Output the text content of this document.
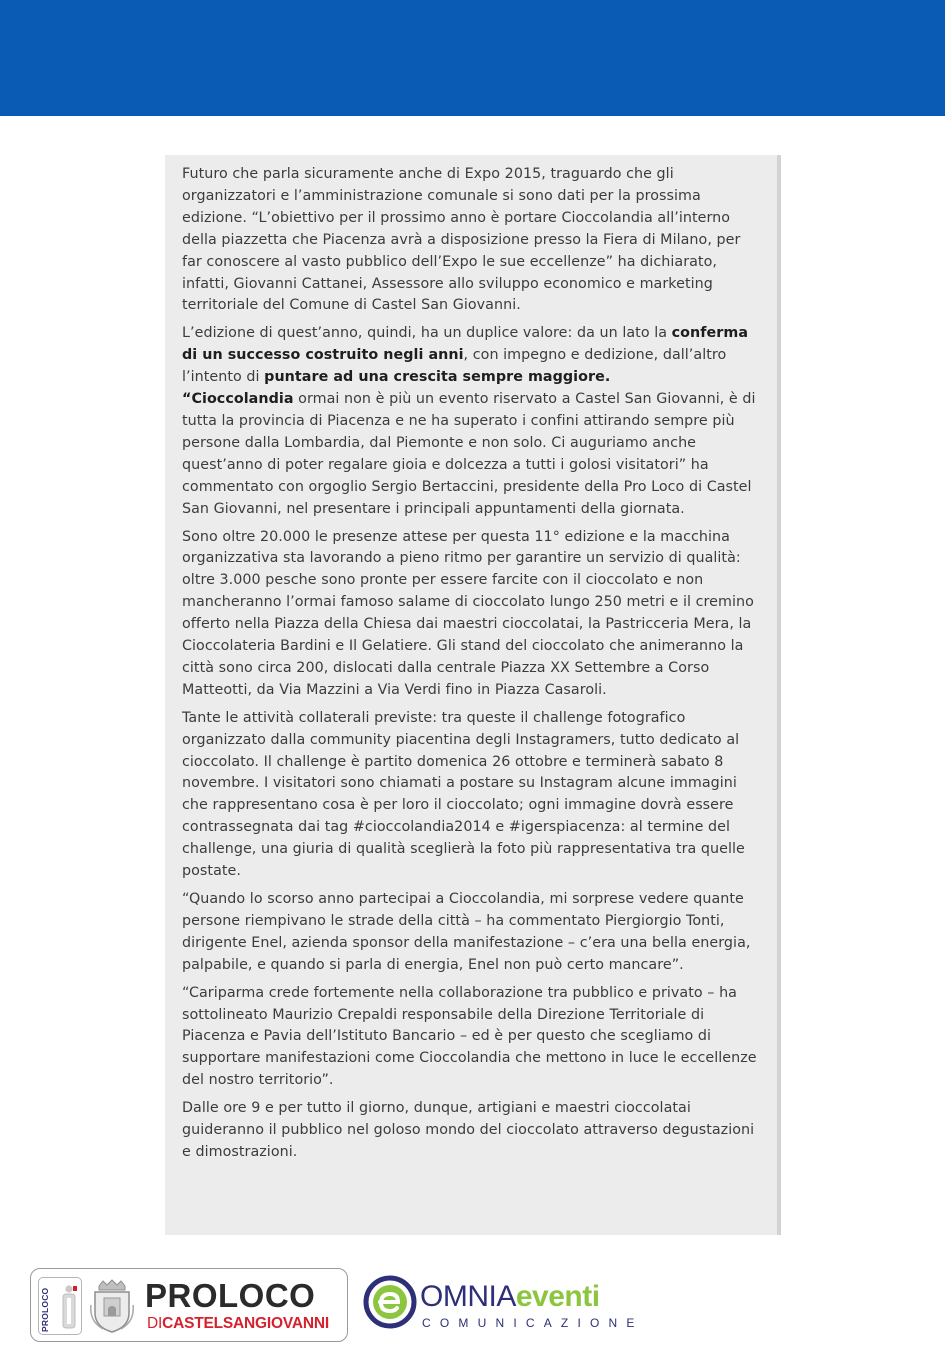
Futuro che parla sicuramente anche di Expo 2015, traguardo che gli organizzatori e l’amministrazione comunale si sono dati per la prossima edizione. “L’obiettivo per il prossimo anno è portare Cioccolandia all’interno della piazzetta che Piacenza avrà a disposizione presso la Fiera di Milano, per far conoscere al vasto pubblico dell’Expo le sue eccellenze” ha dichiarato, infatti, Giovanni Cattanei, Assessore allo sviluppo economico e marketing territoriale del Comune di Castel San Giovanni.

L’edizione di quest’anno, quindi, ha un duplice valore: da un lato la conferma di un successo costruito negli anni, con impegno e dedizione, dall’altro l’intento di puntare ad una crescita sempre maggiore.
“Cioccolandia ormai non è più un evento riservato a Castel San Giovanni, è di tutta la provincia di Piacenza e ne ha superato i confini attirando sempre più persone dalla Lombardia, dal Piemonte e non solo. Ci auguriamo anche quest’anno di poter regalare gioia e dolcezza a tutti i golosi visitatori” ha commentato con orgoglio Sergio Bertaccini, presidente della Pro Loco di Castel San Giovanni, nel presentare i principali appuntamenti della giornata.

Sono oltre 20.000 le presenze attese per questa 11° edizione e la macchina organizzativa sta lavorando a pieno ritmo per garantire un servizio di qualità: oltre 3.000 pesche sono pronte per essere farcite con il cioccolato e non mancheranno l’ormai famoso salame di cioccolato lungo 250 metri e il cremino offerto nella Piazza della Chiesa dai maestri cioccolatai, la Pastricceria Mera, la Cioccolateria Bardini e Il Gelatiere. Gli stand del cioccolato che animeranno la città sono circa 200, dislocati dalla centrale Piazza XX Settembre a Corso Matteotti, da Via Mazzini a Via Verdi fino in Piazza Casaroli.

Tante le attività collaterali previste: tra queste il challenge fotografico organizzato dalla community piacentina degli Instagramers, tutto dedicato al cioccolato. Il challenge è partito domenica 26 ottobre e terminerà sabato 8 novembre. I visitatori sono chiamati a postare su Instagram alcune immagini che rappresentano cosa è per loro il cioccolato; ogni immagine dovrà essere contrassegnata dai tag #cioccolandia2014 e #igerspiacenza: al termine del challenge, una giuria di qualità sceglierà la foto più rappresentativa tra quelle postate.

“Quando lo scorso anno partecipai a Cioccolandia, mi sorprese vedere quante persone riempivano le strade della città – ha commentato Piergiorgio Tonti, dirigente Enel, azienda sponsor della manifestazione – c’era una bella energia, palpabile, e quando si parla di energia, Enel non può certo mancare”.

“Cariparma crede fortemente nella collaborazione tra pubblico e privato – ha sottolineato Maurizio Crepaldi responsabile della Direzione Territoriale di Piacenza e Pavia dell’Istituto Bancario – ed è per questo che scegliamo di supportare manifestazioni come Cioccolandia che mettono in luce le eccellenze del nostro territorio”.

Dalle ore 9 e per tutto il giorno, dunque, artigiani e maestri cioccolatai guideranno il pubblico nel goloso mondo del cioccolato attraverso degustazioni e dimostrazioni.

PROLOCO	PROLOCO
DICASTELSANGIOVANNI
OMNIAeventi
COMUNICAZIONE
